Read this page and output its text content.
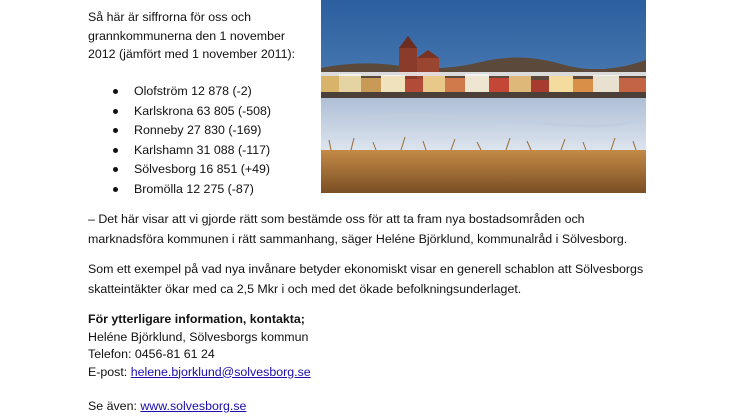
Så här är siffrorna för oss och
grannkommunerna den 1 november
2012 (jämfört med 1 november 2011):
Olofström 12 878 (-2)
Karlskrona 63 805 (-508)
Ronneby 27 830 (-169)
Karlshamn 31 088 (-117)
Sölvesborg 16 851 (+49)
Bromölla 12 275 (-87)
– Det här visar att vi gjorde rätt som bestämde oss för att ta fram nya bostadsområden och
marknadsföra kommunen i rätt sammanhang, säger Heléne Björklund, kommunalråd i Sölvesborg.
Som ett exempel på vad nya invånare betyder ekonomiskt visar en generell schablon att Sölvesborgs
skatteintäkter ökar med ca 2,5 Mkr i och med det ökade befolkningsunderlaget.
För ytterligare information, kontakta;
Heléne Björklund, Sölvesborgs kommun
Telefon: 0456-81 61 24
E-post: helene.bjorklund@solvesborg.se
Se även: www.solvesborg.se
